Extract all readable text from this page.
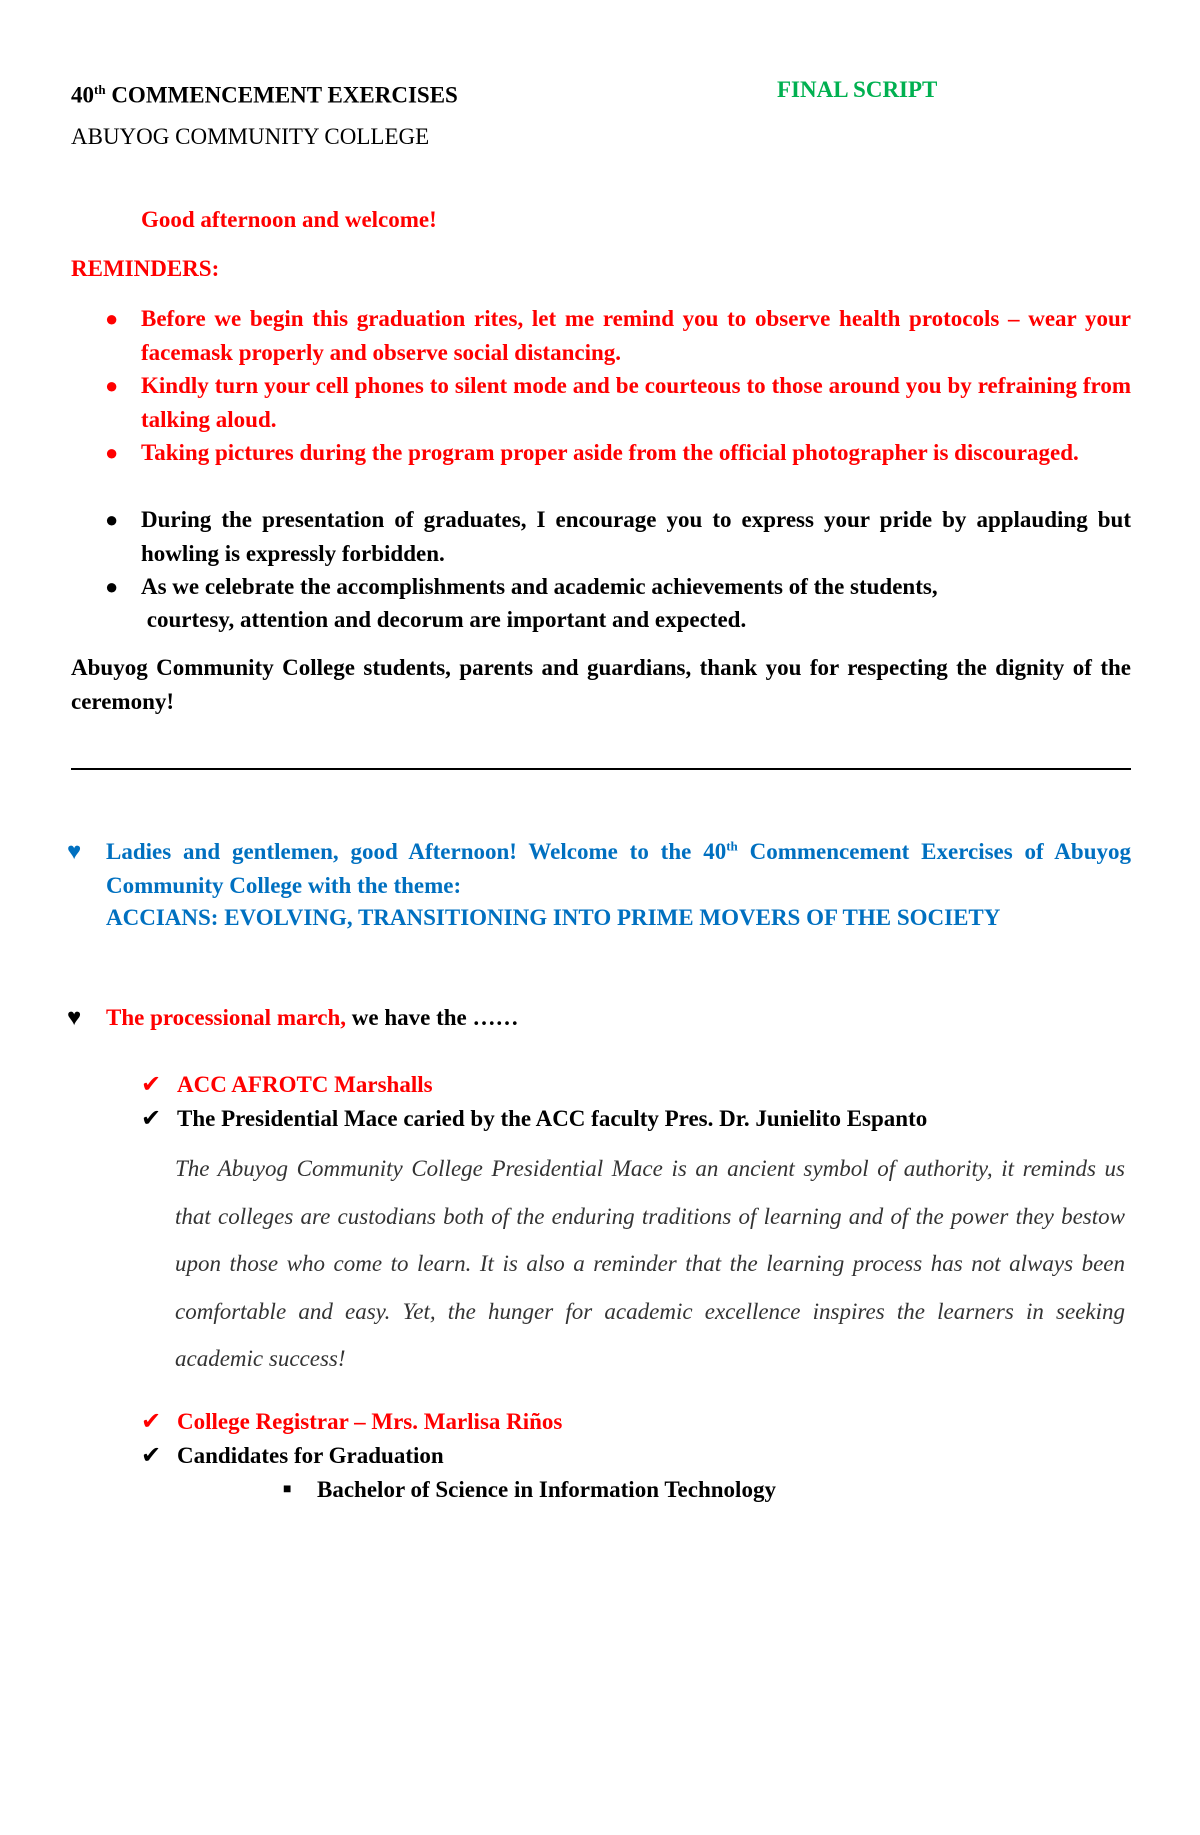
40th COMMENCEMENT EXERCISES	FINAL SCRIPT
ABUYOG COMMUNITY COLLEGE
Good afternoon and welcome!
REMINDERS:
● Before we begin this graduation rites, let me remind you to observe health protocols – wear your facemask properly and observe social distancing.
● Kindly turn your cell phones to silent mode and be courteous to those around you by refraining from talking aloud.
● Taking pictures during the program proper aside from the official photographer is discouraged.
● During the presentation of graduates, I encourage you to express your pride by applauding but howling is expressly forbidden.
● As we celebrate the accomplishments and academic achievements of the students,
courtesy, attention and decorum are important and expected.
Abuyog Community College students, parents and guardians, thank you for respecting the dignity of the ceremony!
♥ Ladies and gentlemen, good Afternoon! Welcome to the 40th Commencement Exercises of Abuyog Community College with the theme:
ACCIANS: EVOLVING, TRANSITIONING INTO PRIME MOVERS OF THE SOCIETY
♥ The processional march, we have the ……
✔ ACC AFROTC Marshalls
✔ The Presidential Mace caried by the ACC faculty Pres. Dr. Junielito Espanto
The Abuyog Community College Presidential Mace is an ancient symbol of authority, it reminds us that colleges are custodians both of the enduring traditions of learning and of the power they bestow upon those who come to learn. It is also a reminder that the learning process has not always been comfortable and easy. Yet, the hunger for academic excellence inspires the learners in seeking academic success!
✔ College Registrar – Mrs. Marlisa Riños
✔ Candidates for Graduation
■ Bachelor of Science in Information Technology
